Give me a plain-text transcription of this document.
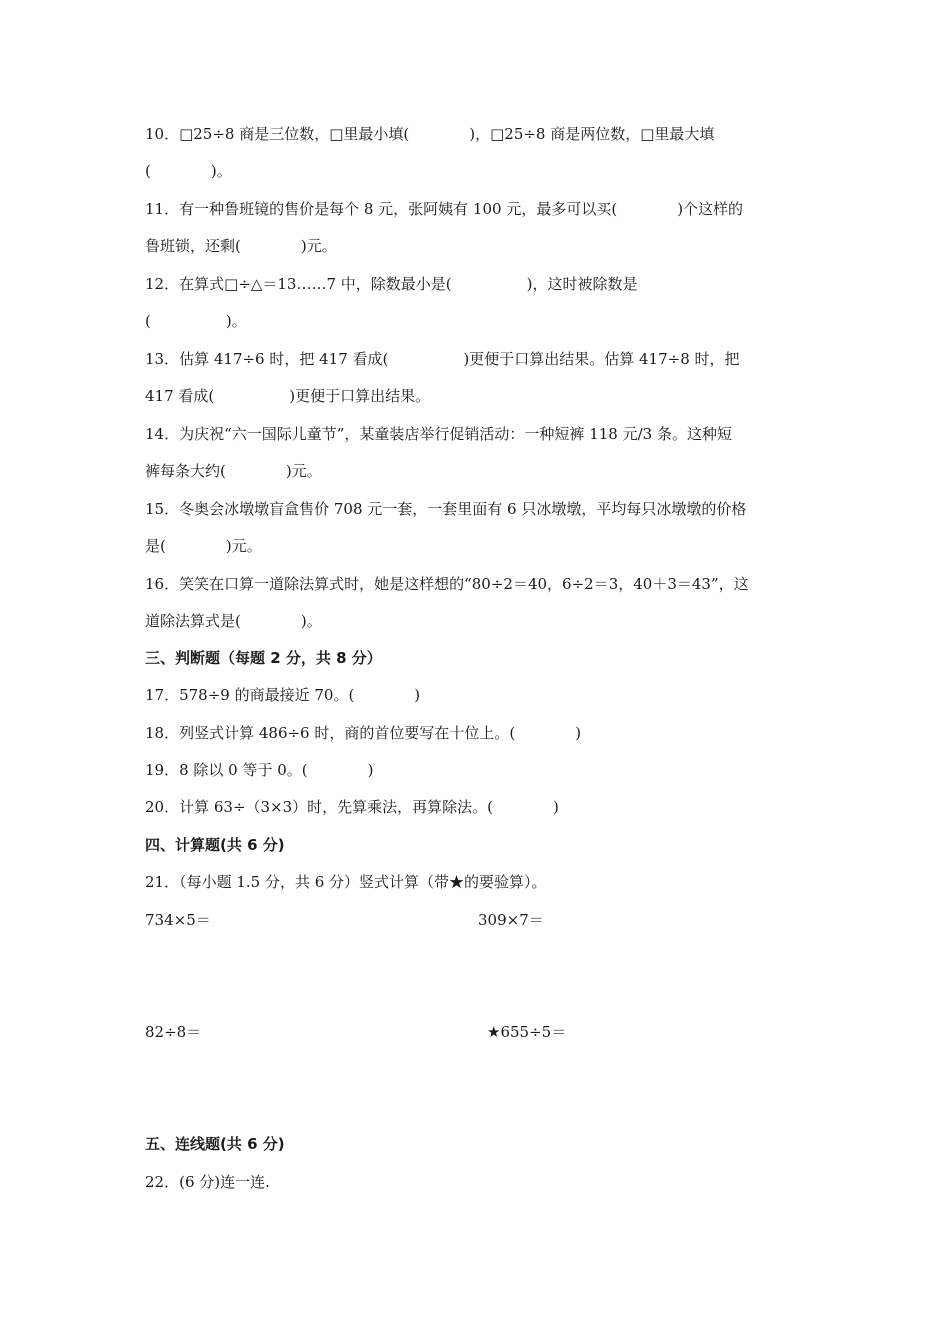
10．□25÷8 商是三位数，□里最小填(　　　　)，□25÷8 商是两位数，□里最大填
(　　　　)。
11．有一种鲁班镜的售价是每个 8 元，张阿姨有 100 元，最多可以买(　　　　)个这样的
鲁班锁，还剩(　　　　)元。
12．在算式□÷△＝13……7 中，除数最小是(　　　　　)，这时被除数是
(　　　　　)。
13．估算 417÷6 时，把 417 看成(　　　　　)更便于口算出结果。估算 417÷8 时，把
417 看成(　　　　　)更便于口算出结果。
14．为庆祝“六一国际儿童节”，某童装店举行促销活动：一种短裤 118 元/3 条。这种短
裤每条大约(　　　　)元。
15．冬奥会冰墩墩盲盒售价 708 元一套，一套里面有 6 只冰墩墩，平均每只冰墩墩的价格
是(　　　　)元。
16．笑笑在口算一道除法算式时，她是这样想的“80÷2＝40，6÷2＝3，40＋3＝43”，这
道除法算式是(　　　　)。
三、判断题（每题 2 分，共 8 分）
17．578÷9 的商最接近 70。(　　　　)
18．列竖式计算 486÷6 时，商的首位要写在十位上。(　　　　)
19．8 除以 0 等于 0。(　　　　)
20．计算 63÷（3×3）时，先算乘法，再算除法。(　　　　)
四、计算题(共 6 分)
21．（每小题 1.5 分，共 6 分）竖式计算（带★的要验算）。
734×5＝	309×7＝
82÷8＝	★655÷5＝
五、连线题(共 6 分)
22．(6 分)连一连.
